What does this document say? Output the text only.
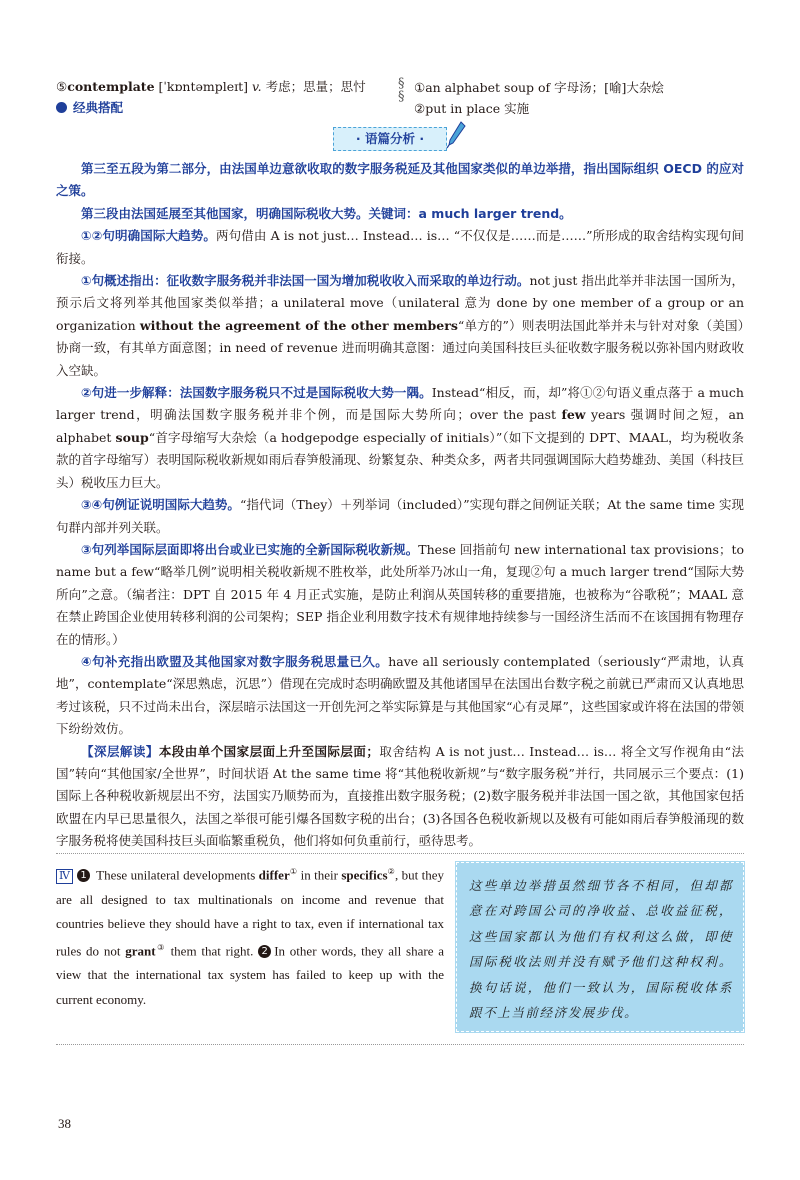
⑤contemplate [ˈkɒntəmpleɪt] v. 考虑；思量；思忖
经典搭配
§
§
①an alphabet soup of 字母汤；[喻]大杂烩
②put in place 实施
· 语篇分析 ·

第三至五段为第二部分，由法国单边意欲收取的数字服务税延及其他国家类似的单边举措，指出国际组织 OECD 的应对之策。

第三段由法国延展至其他国家，明确国际税收大势。关键词：a much larger trend。

①②句明确国际大趋势。两句借由 A is not just… Instead… is… “不仅仅是……而是……”所形成的取舍结构实现句间衔接。

①句概述指出：征收数字服务税并非法国一国为增加税收收入而采取的单边行动。not just 指出此举并非法国一国所为，预示后文将列举其他国家类似举措；a unilateral move（unilateral 意为 done by one member of a group or an organization without the agreement of the other members“单方的”）则表明法国此举并未与针对对象（美国）协商一致，有其单方面意图；in need of revenue 进而明确其意图：通过向美国科技巨头征收数字服务税以弥补国内财政收入空缺。

②句进一步解释：法国数字服务税只不过是国际税收大势一隅。Instead“相反，而，却”将①②句语义重点落于 a much larger trend，明确法国数字服务税并非个例，而是国际大势所向；over the past few years 强调时间之短，an alphabet soup“首字母缩写大杂烩（a hodgepodge especially of initials）”（如下文提到的 DPT、MAAL，均为税收条款的首字母缩写）表明国际税收新规如雨后春笋般涌现、纷繁复杂、种类众多，两者共同强调国际大趋势雄劲、美国（科技巨头）税收压力巨大。

③④句例证说明国际大趋势。“指代词（They）＋列举词（included）”实现句群之间例证关联；At the same time 实现句群内部并列关联。

③句列举国际层面即将出台或业已实施的全新国际税收新规。These 回指前句 new international tax provisions；to name but a few“略举几例”说明相关税收新规不胜枚举，此处所举乃冰山一角，复现②句 a much larger trend“国际大势所向”之意。（编者注：DPT 自 2015 年 4 月正式实施，是防止利润从英国转移的重要措施，也被称为“谷歌税”；MAAL 意在禁止跨国企业使用转移利润的公司架构；SEP 指企业利用数字技术有规律地持续参与一国经济生活而不在该国拥有物理存在的情形。）

④句补充指出欧盟及其他国家对数字服务税思量已久。have all seriously contemplated（seriously“严肃地，认真地”，contemplate“深思熟虑，沉思”）借现在完成时态明确欧盟及其他诸国早在法国出台数字税之前就已严肃而又认真地思考过该税，只不过尚未出台，深层暗示法国这一开创先河之举实际算是与其他国家“心有灵犀”，这些国家或许将在法国的带领下纷纷效仿。

【深层解读】本段由单个国家层面上升至国际层面；取舍结构 A is not just… Instead… is… 将全文写作视角由“法国”转向“其他国家/全世界”，时间状语 At the same time 将“其他税收新规”与“数字服务税”并行，共同展示三个要点：(1)国际上各种税收新规层出不穷，法国实乃顺势而为，直接推出数字服务税；(2)数字服务税并非法国一国之欲，其他国家包括欧盟在内早已思量很久，法国之举很可能引爆各国数字税的出台；(3)各国各色税收新规以及极有可能如雨后春笋般涌现的数字服务税将使美国科技巨头面临繁重税负，他们将如何负重前行，亟待思考。

Ⅳ 1 These unilateral developments differ① in their specifics②, but they are all designed to tax multinationals on income and revenue that countries believe they should have a right to tax, even if international tax rules do not grant③ them that right. 2 In other words, they all share a view that the international tax system has failed to keep up with the current economy.
这些单边举措虽然细节各不相同，但却都意在对跨国公司的净收益、总收益征税，这些国家都认为他们有权利这么做，即使国际税收法则并没有赋予他们这种权利。换句话说，他们一致认为，国际税收体系跟不上当前经济发展步伐。
38
